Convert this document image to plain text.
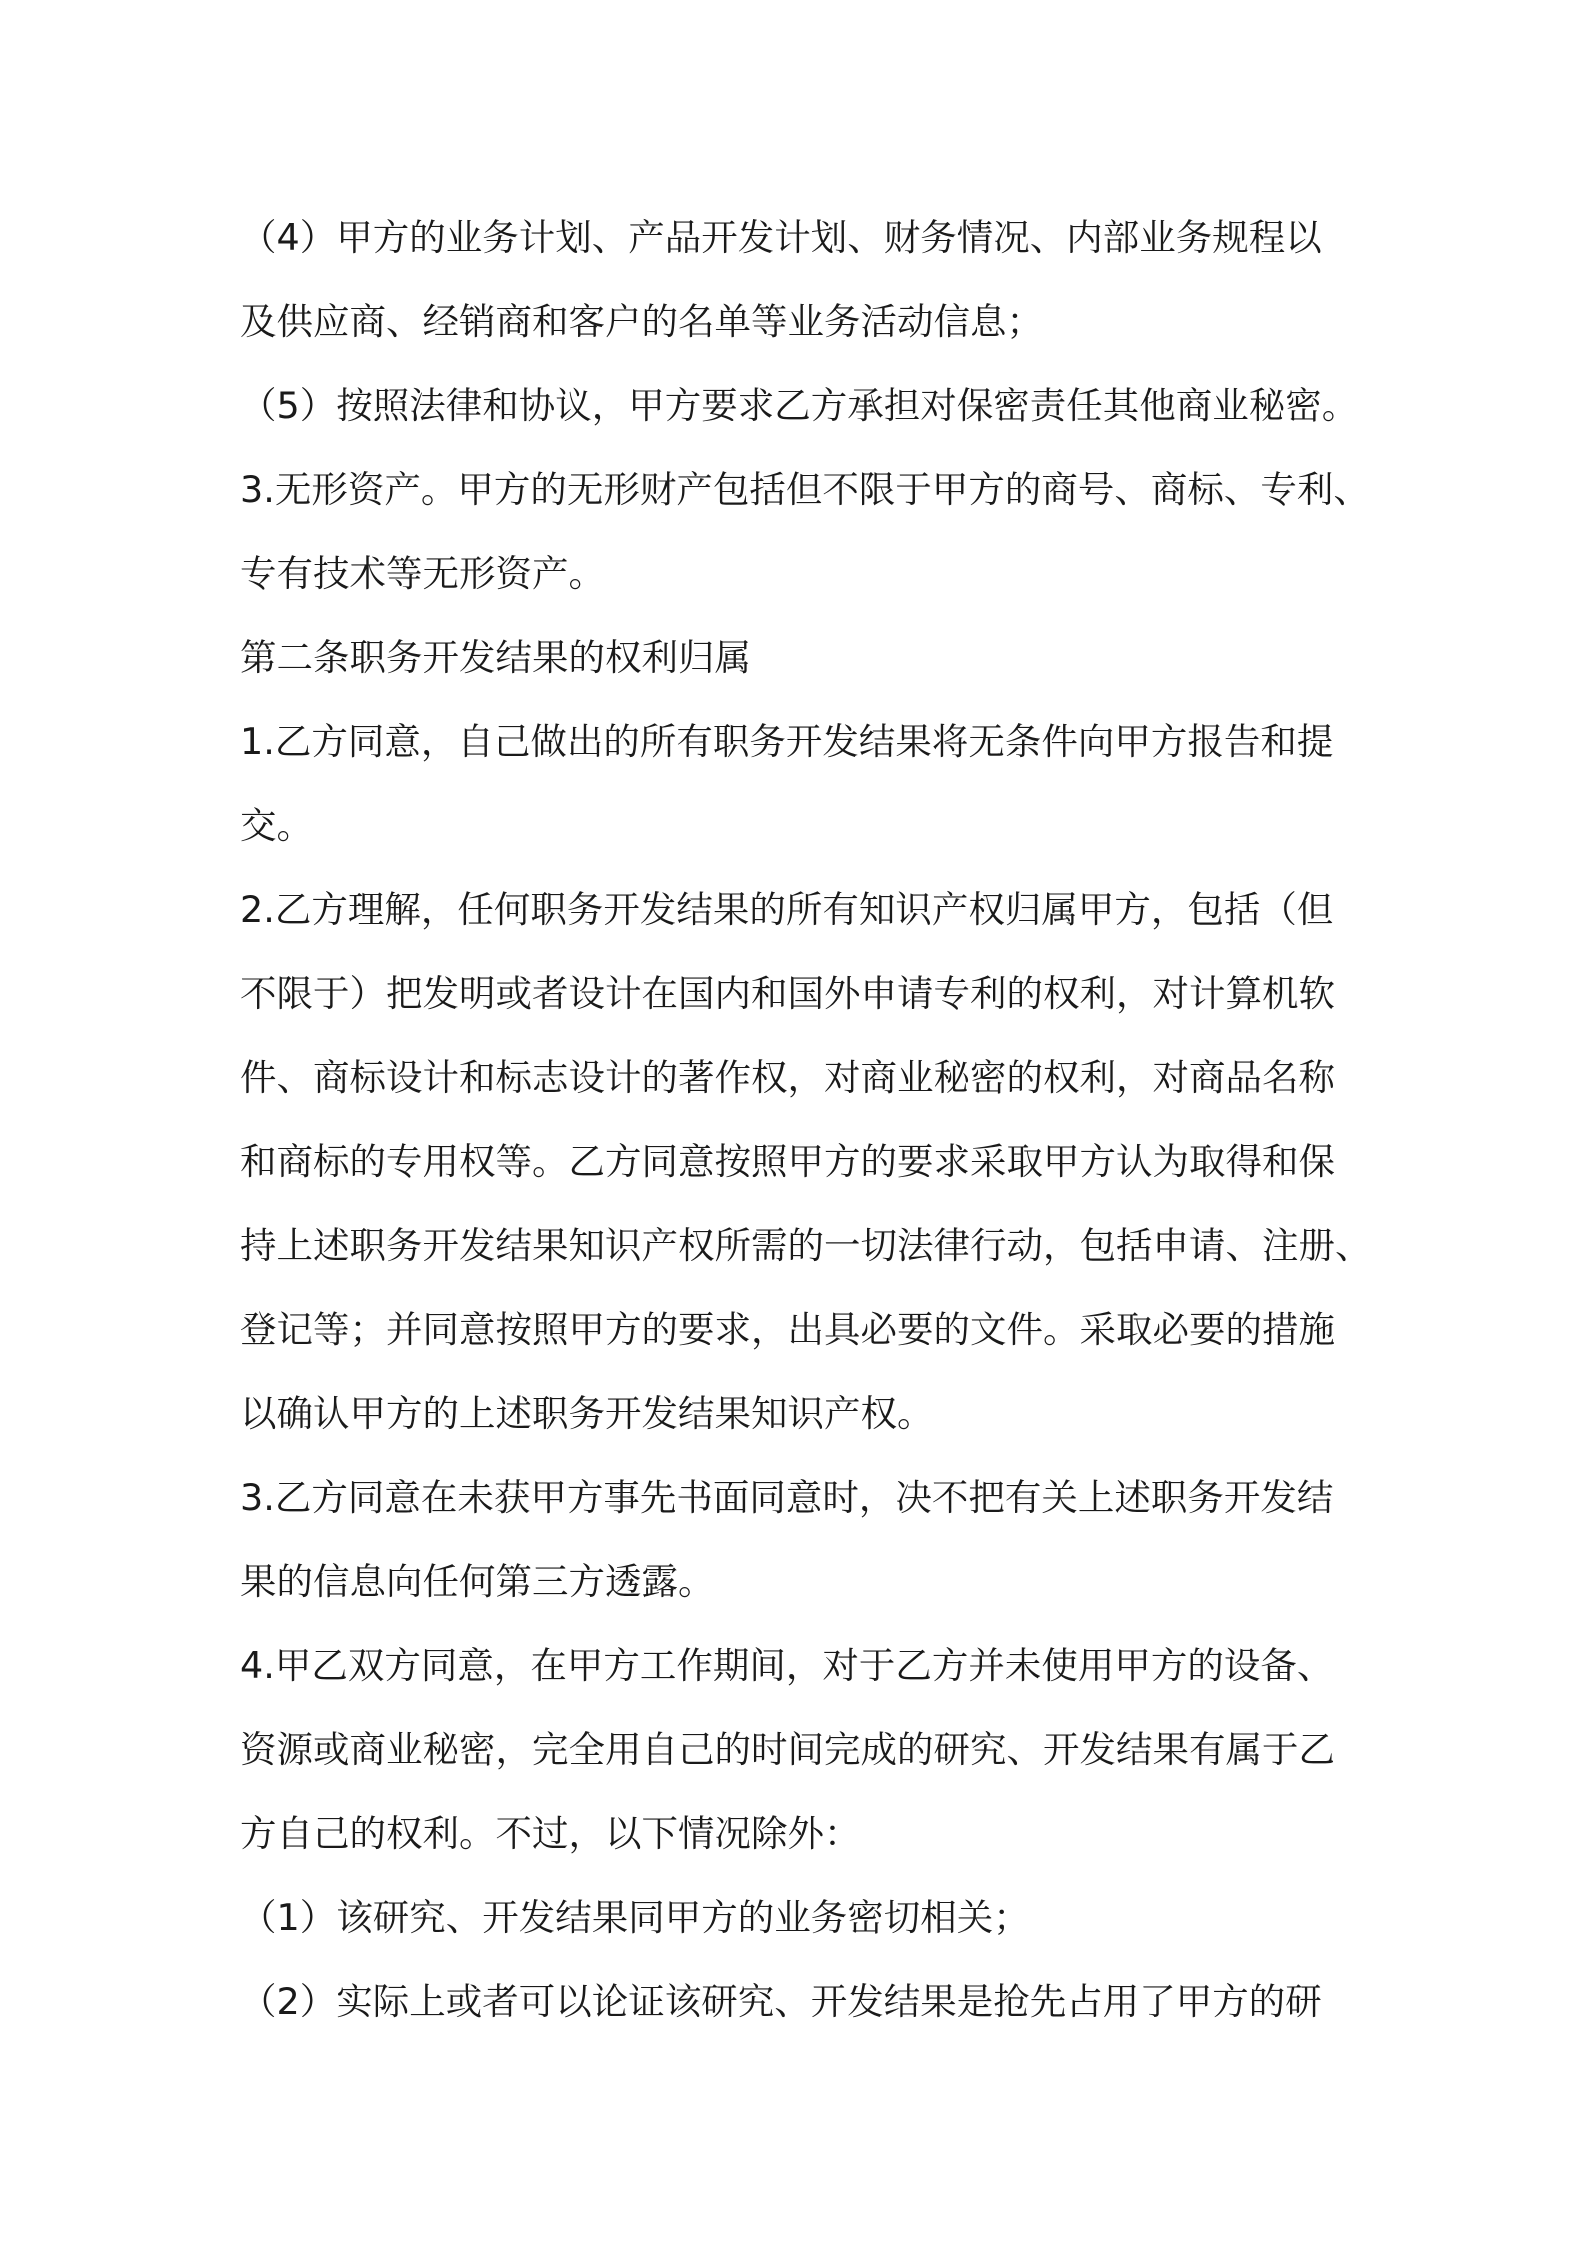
（4）甲方的业务计划、产品开发计划、财务情况、内部业务规程以
及供应商、经销商和客户的名单等业务活动信息；
（5）按照法律和协议，甲方要求乙方承担对保密责任其他商业秘密。
3.无形资产。甲方的无形财产包括但不限于甲方的商号、商标、专利、
专有技术等无形资产。
第二条职务开发结果的权利归属
1.乙方同意，自己做出的所有职务开发结果将无条件向甲方报告和提
交。
2.乙方理解，任何职务开发结果的所有知识产权归属甲方，包括（但
不限于）把发明或者设计在国内和国外申请专利的权利，对计算机软
件、商标设计和标志设计的著作权，对商业秘密的权利，对商品名称
和商标的专用权等。乙方同意按照甲方的要求采取甲方认为取得和保
持上述职务开发结果知识产权所需的一切法律行动，包括申请、注册、
登记等；并同意按照甲方的要求，出具必要的文件。采取必要的措施
以确认甲方的上述职务开发结果知识产权。
3.乙方同意在未获甲方事先书面同意时，决不把有关上述职务开发结
果的信息向任何第三方透露。
4.甲乙双方同意，在甲方工作期间，对于乙方并未使用甲方的设备、
资源或商业秘密，完全用自己的时间完成的研究、开发结果有属于乙
方自己的权利。不过，以下情况除外：
（1）该研究、开发结果同甲方的业务密切相关；
（2）实际上或者可以论证该研究、开发结果是抢先占用了甲方的研
